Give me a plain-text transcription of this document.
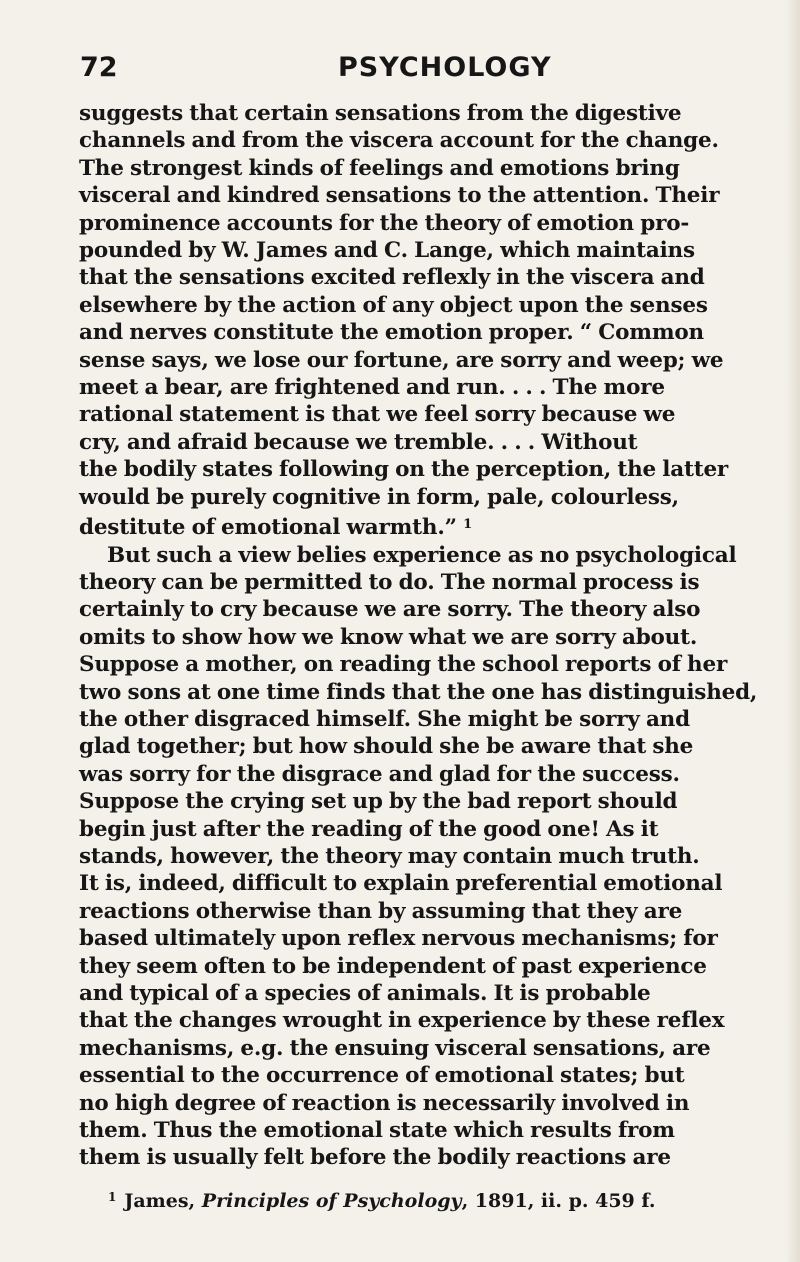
72	PSYCHOLOGY
suggests that certain sensations from the digestive
channels and from the viscera account for the change.
The strongest kinds of feelings and emotions bring
visceral and kindred sensations to the attention. Their
prominence accounts for the theory of emotion pro-
pounded by W. James and C. Lange, which maintains
that the sensations excited reflexly in the viscera and
elsewhere by the action of any object upon the senses
and nerves constitute the emotion proper. “ Common
sense says, we lose our fortune, are sorry and weep; we
meet a bear, are frightened and run. . . . The more
rational statement is that we feel sorry because we
cry, and afraid because we tremble. . . . Without
the bodily states following on the perception, the latter
would be purely cognitive in form, pale, colourless,
destitute of emotional warmth.” $^1$
But such a view belies experience as no psychological
theory can be permitted to do. The normal process is
certainly to cry because we are sorry. The theory also
omits to show how we know what we are sorry about.
Suppose a mother, on reading the school reports of her
two sons at one time finds that the one has distinguished,
the other disgraced himself. She might be sorry and
glad together; but how should she be aware that she
was sorry for the disgrace and glad for the success.
Suppose the crying set up by the bad report should
begin just after the reading of the good one! As it
stands, however, the theory may contain much truth.
It is, indeed, difficult to explain preferential emotional
reactions otherwise than by assuming that they are
based ultimately upon reflex nervous mechanisms; for
they seem often to be independent of past experience
and typical of a species of animals. It is probable
that the changes wrought in experience by these reflex
mechanisms, e.g. the ensuing visceral sensations, are
essential to the occurrence of emotional states; but
no high degree of reaction is necessarily involved in
them. Thus the emotional state which results from
them is usually felt before the bodily reactions are
$^1$ James, Principles of Psychology, 1891, ii. p. 459 f.
